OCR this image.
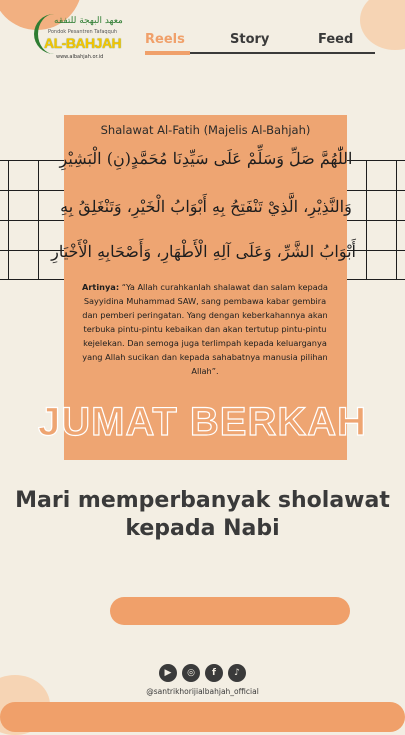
معهد البهجة للتفقه
Pondok Pesantren Tafaqquh
AL-BAHJAH
www.albahjah.or.id
Reels	Story	Feed
Shalawat Al-Fatih (Majelis Al-Bahjah)
اللّٰهُمَّ صَلِّ وَسَلِّمْ عَلَى سَيِّدِنَا مُحَمَّدٍ(نِ) الْبَشِيْرِ
وَالنَّذِيْرِ، الَّذِيْ تَنْفَتِحُ بِهِ أَبْوَابُ الْخَيْرِ، وَتَنْغَلِقُ بِهِ
أَبْوَابُ الشَّرِّ، وَعَلَى آلِهِ الْأَطْهَارِ، وَأَصْحَابِهِ الْأَخْيَارِ
Artinya: “Ya Allah curahkanlah shalawat dan salam kepada Sayyidina Muhammad SAW, sang pembawa kabar gembira dan pemberi peringatan. Yang dengan keberkahannya akan terbuka pintu-pintu kebaikan dan akan tertutup pintu-pintu kejelekan. Dan semoga juga terlimpah kepada keluarganya yang Allah sucikan dan kepada sahabatnya manusia pilihan Allah”.
JUMAT BERKAH
Mari memperbanyak sholawat kepada Nabi
▶	◎	f	♪
@santrikhorijialbahjah_official
